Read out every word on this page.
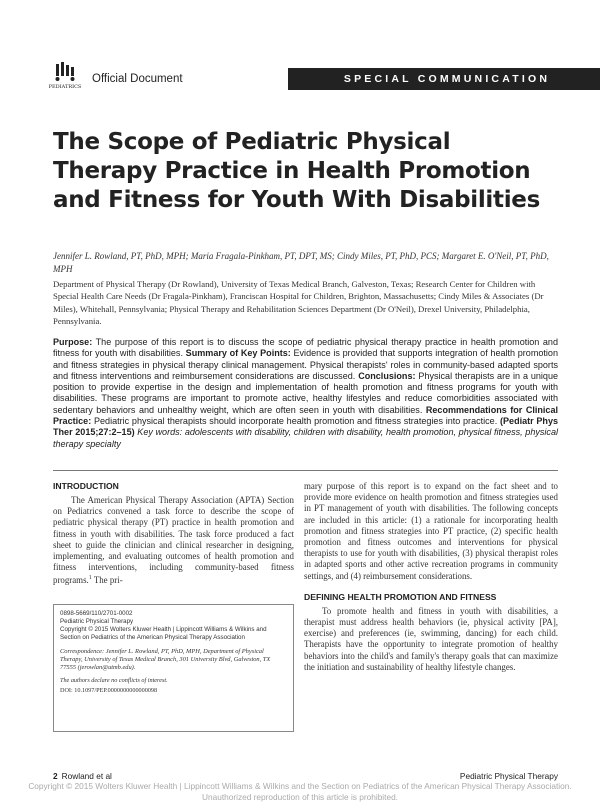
PEDIATRICS
Official Document	SPECIAL COMMUNICATION
The Scope of Pediatric Physical Therapy Practice in Health Promotion and Fitness for Youth With Disabilities
Jennifer L. Rowland, PT, PhD, MPH; Maria Fragala-Pinkham, PT, DPT, MS; Cindy Miles, PT, PhD, PCS; Margaret E. O'Neil, PT, PhD, MPH
Department of Physical Therapy (Dr Rowland), University of Texas Medical Branch, Galveston, Texas; Research Center for Children with Special Health Care Needs (Dr Fragala-Pinkham), Franciscan Hospital for Children, Brighton, Massachusetts; Cindy Miles & Associates (Dr Miles), Whitehall, Pennsylvania; Physical Therapy and Rehabilitation Sciences Department (Dr O'Neil), Drexel University, Philadelphia, Pennsylvania.
Purpose: The purpose of this report is to discuss the scope of pediatric physical therapy practice in health promotion and fitness for youth with disabilities. Summary of Key Points: Evidence is provided that supports integration of health promotion and fitness strategies in physical therapy clinical management. Physical therapists' roles in community-based adapted sports and fitness interventions and reimbursement considerations are discussed. Conclusions: Physical therapists are in a unique position to provide expertise in the design and implementation of health promotion and fitness programs for youth with disabilities. These programs are important to promote active, healthy lifestyles and reduce comorbidities associated with sedentary behaviors and unhealthy weight, which are often seen in youth with disabilities. Recommendations for Clinical Practice: Pediatric physical therapists should incorporate health promotion and fitness strategies into practice. (Pediatr Phys Ther 2015;27:2–15) Key words: adolescents with disability, children with disability, health promotion, physical fitness, physical therapy specialty
INTRODUCTION

The American Physical Therapy Association (APTA) Section on Pediatrics convened a task force to describe the scope of pediatric physical therapy (PT) practice in health promotion and fitness in youth with disabilities. The task force produced a fact sheet to guide the clinician and clinical researcher in designing, implementing, and evaluating outcomes of health promotion and fitness interventions, including community-based fitness programs.$^1$ The pri-

0898-5669/110/2701-0002
Pediatric Physical Therapy
Copyright © 2015 Wolters Kluwer Health | Lippincott Williams & Wilkins and Section on Pediatrics of the American Physical Therapy Association
Correspondence: Jennifer L. Rowland, PT, PhD, MPH, Department of Physical Therapy, University of Texas Medical Branch, 301 University Blvd, Galveston, TX 77555 (jerowlan@utmb.edu).
The authors declare no conflicts of interest.
DOI: 10.1097/PEP.0000000000000098

mary purpose of this report is to expand on the fact sheet and to provide more evidence on health promotion and fitness strategies used in PT management of youth with disabilities. The following concepts are included in this article: (1) a rationale for incorporating health promotion and fitness strategies into PT practice, (2) specific health promotion and fitness outcomes and interventions for physical therapists to use for youth with disabilities, (3) physical therapist roles in adapted sports and other active recreation programs in community settings, and (4) reimbursement considerations.

DEFINING HEALTH PROMOTION AND FITNESS

To promote health and fitness in youth with disabilities, a therapist must address health behaviors (ie, physical activity [PA], exercise) and preferences (ie, swimming, dancing) for each child. Therapists have the opportunity to integrate promotion of healthy behaviors into the child's and family's therapy goals that can maximize the initiation and sustainability of healthy lifestyle changes.

2 Rowland et al	Pediatric Physical Therapy
Copyright © 2015 Wolters Kluwer Health | Lippincott Williams & Wilkins and the Section on Pediatrics of the American Physical Therapy Association. Unauthorized reproduction of this article is prohibited.
